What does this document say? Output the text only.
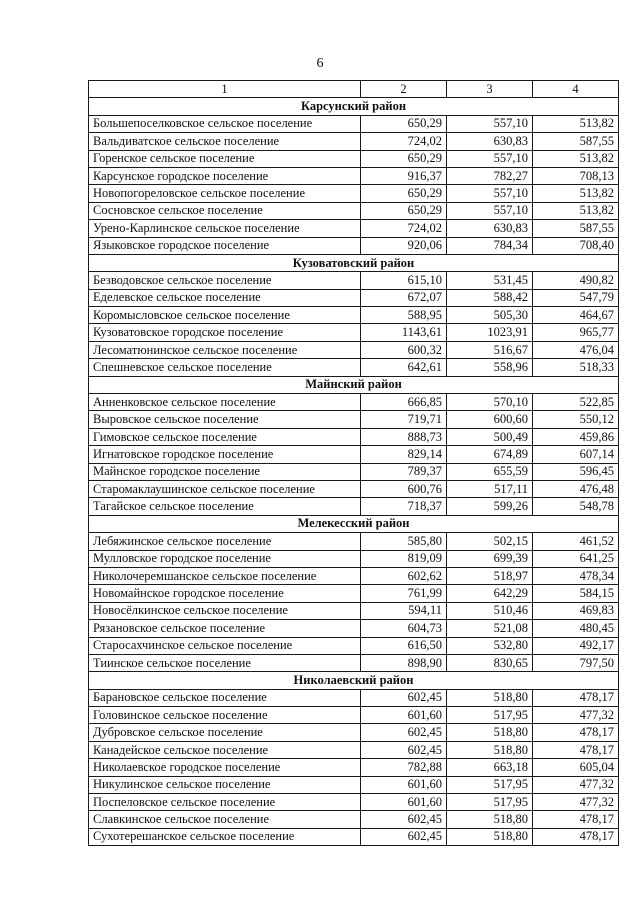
6
1	2	3	4
Карсунский район			
Большепоселковское сельское поселение	650,29	557,10	513,82
Вальдиватское сельское поселение	724,02	630,83	587,55
Горенское сельское поселение	650,29	557,10	513,82
Карсунское городское поселение	916,37	782,27	708,13
Новопогореловское сельское поселение	650,29	557,10	513,82
Сосновское сельское поселение	650,29	557,10	513,82
Урено-Карлинское сельское поселение	724,02	630,83	587,55
Языковское городское поселение	920,06	784,34	708,40
Кузоватовский район			
Безводовское сельское поселение	615,10	531,45	490,82
Еделевское сельское поселение	672,07	588,42	547,79
Коромысловское сельское поселение	588,95	505,30	464,67
Кузоватовское городское поселение	1143,61	1023,91	965,77
Лесоматюнинское сельское поселение	600,32	516,67	476,04
Спешневское сельское поселение	642,61	558,96	518,33
Майнский район			
Анненковское сельское поселение	666,85	570,10	522,85
Выровское сельское поселение	719,71	600,60	550,12
Гимовское сельское поселение	888,73	500,49	459,86
Игнатовское городское поселение	829,14	674,89	607,14
Майнское городское поселение	789,37	655,59	596,45
Старомаклаушинское сельское поселение	600,76	517,11	476,48
Тагайское сельское поселение	718,37	599,26	548,78
Мелекесский район			
Лебяжинское сельское поселение	585,80	502,15	461,52
Мулловское городское поселение	819,09	699,39	641,25
Николочеремшанское сельское поселение	602,62	518,97	478,34
Новомайнское городское поселение	761,99	642,29	584,15
Новосёлкинское сельское поселение	594,11	510,46	469,83
Рязановское сельское поселение	604,73	521,08	480,45
Старосахчинское сельское поселение	616,50	532,80	492,17
Тиинское сельское поселение	898,90	830,65	797,50
Николаевский район			
Барановское сельское поселение	602,45	518,80	478,17
Головинское сельское поселение	601,60	517,95	477,32
Дубровское сельское поселение	602,45	518,80	478,17
Канадейское сельское поселение	602,45	518,80	478,17
Николаевское городское поселение	782,88	663,18	605,04
Никулинское сельское поселение	601,60	517,95	477,32
Поспеловское сельское поселение	601,60	517,95	477,32
Славкинское сельское поселение	602,45	518,80	478,17
Сухотерешанское сельское поселение	602,45	518,80	478,17
